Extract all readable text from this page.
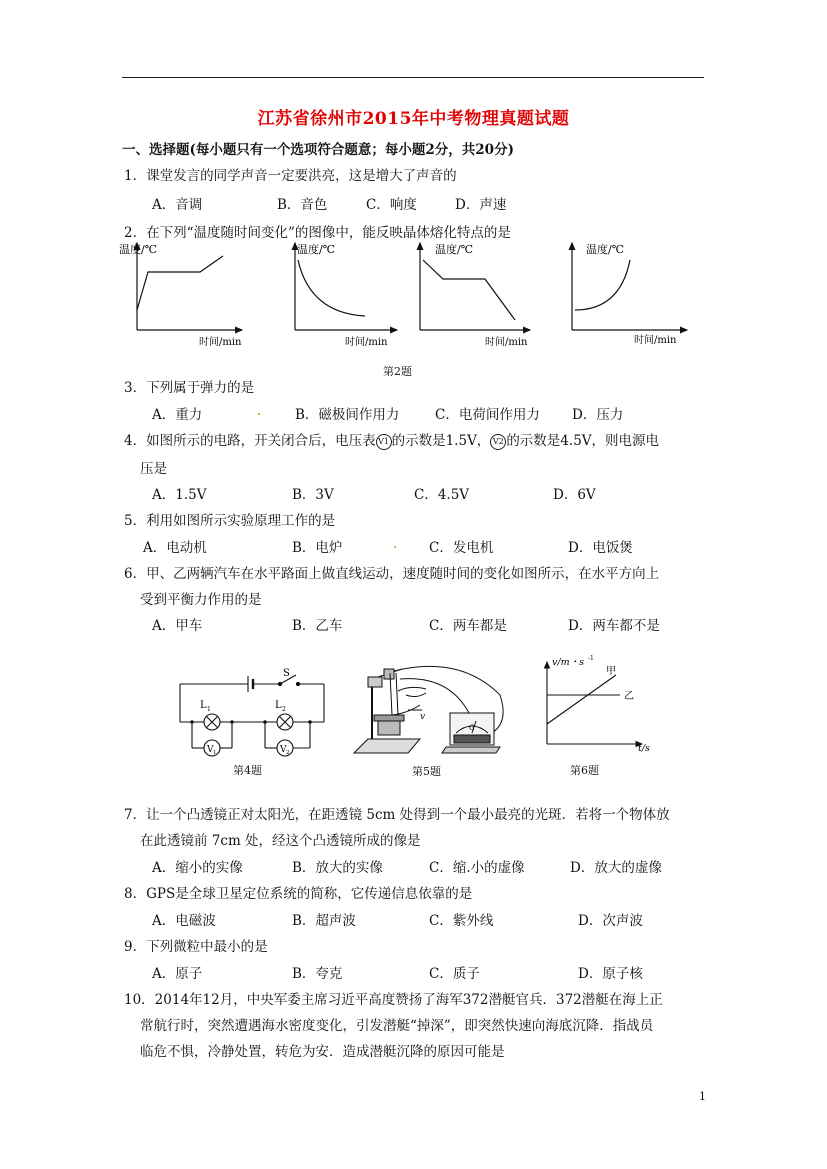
江苏省徐州市2015年中考物理真题试题
一、选择题(每小题只有一个选项符合题意；每小题2分，共20分)
1．课堂发言的同学声音一定要洪亮，这是增大了声音的
A．音调	B．音色	C．响度	D．声速
2．在下列“温度随时间变化”的图像中，能反映晶体熔化特点的是
温度/℃
时间/min
温度/℃
时间/min
温度/℃
时间/min
温度/℃
时间/min
第2题
3．下列属于弹力的是
A．重力	. B．磁极间作用力	C．电荷间作用力 D．压力
4．如图所示的电路，开关闭合后，电压表 V1 的示数是1.5V， V2 的示数是4.5V，则电源电
压是
A．1.5V	B．3V	C．4.5V	D．6V
5．利用如图所示实验原理工作的是
A．电动机	B．电炉	. C．发电机	D．电饭煲
6．甲、乙两辆汽车在水平路面上做直线运动，速度随时间的变化如图所示，在水平方向上
受到平衡力作用的是
A．甲车	B．乙车	C．两车都是	D．两车都不是
S
L 1	L 2
V 1	V 2
第4题
v
G
第5题
v/m・s -1
甲
乙
t/s
第6题
7．让一个凸透镜正对太阳光，在距透镜 5cm 处得到一个最小最亮的光斑．若将一个物体放
在此透镜前 7cm 处，经这个凸透镜所成的像是
A．缩小的实像	B．放大的实像	C．缩.小的虚像	D．放大的虚像
8．GPS是全球卫星定位系统的简称，它传递信息依靠的是
A．电磁波	B．超声波	C．紫外线	D．次声波
9．下列微粒中最小的是
A．原子	B．夸克	C．质子	D．原子核
10．2014年12月，中央军委主席习近平高度赞扬了海军372潜艇官兵．372潜艇在海上正
常航行时，突然遭遇海水密度变化，引发潜艇“掉深”，即突然快速向海底沉降．指战员
临危不惧，冷静处置，转危为安．造成潜艇沉降的原因可能是
1
